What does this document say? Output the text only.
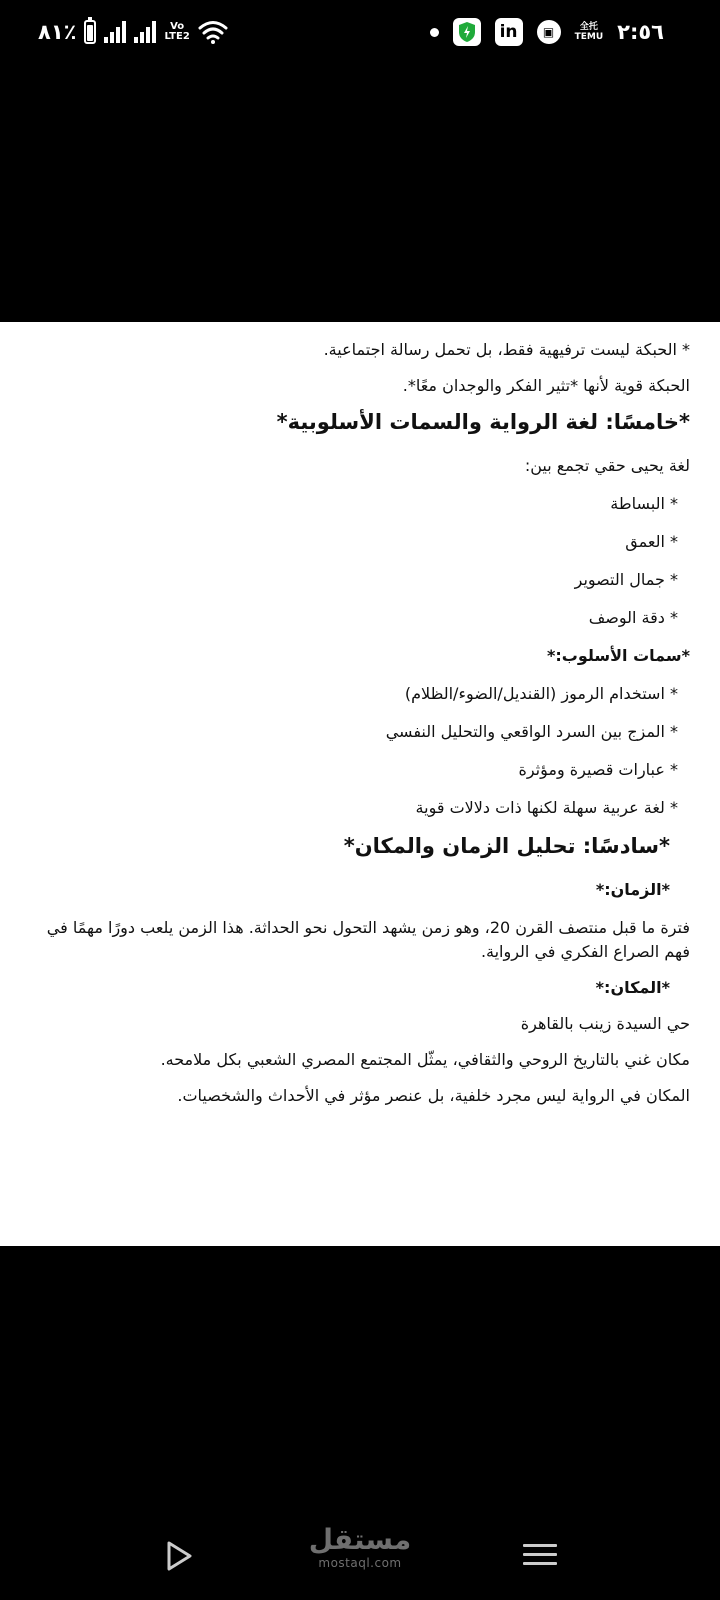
٨١٪	Vo
LTE2	in	▣	全托
TEMU ٢:٥٦
* الحبكة ليست ترفيهية فقط، بل تحمل رسالة اجتماعية.
الحبكة قوية لأنها *تثير الفكر والوجدان معًا*.
*خامسًا: لغة الرواية والسمات الأسلوبية*
لغة يحيى حقي تجمع بين:
* البساطة
* العمق
* جمال التصوير
* دقة الوصف
*سمات الأسلوب:*
* استخدام الرموز (القنديل/الضوء/الظلام)
* المزج بين السرد الواقعي والتحليل النفسي
* عبارات قصيرة ومؤثرة
* لغة عربية سهلة لكنها ذات دلالات قوية
*سادسًا: تحليل الزمان والمكان*
*الزمان:*
فترة ما قبل منتصف القرن 20، وهو زمن يشهد التحول نحو الحداثة. هذا الزمن يلعب دورًا مهمًا في فهم الصراع الفكري في الرواية.
*المكان:*
حي السيدة زينب بالقاهرة
مكان غني بالتاريخ الروحي والثقافي، يمثّل المجتمع المصري الشعبي بكل ملامحه.
المكان في الرواية ليس مجرد خلفية، بل عنصر مؤثر في الأحداث والشخصيات.
مستقل
mostaql.com
